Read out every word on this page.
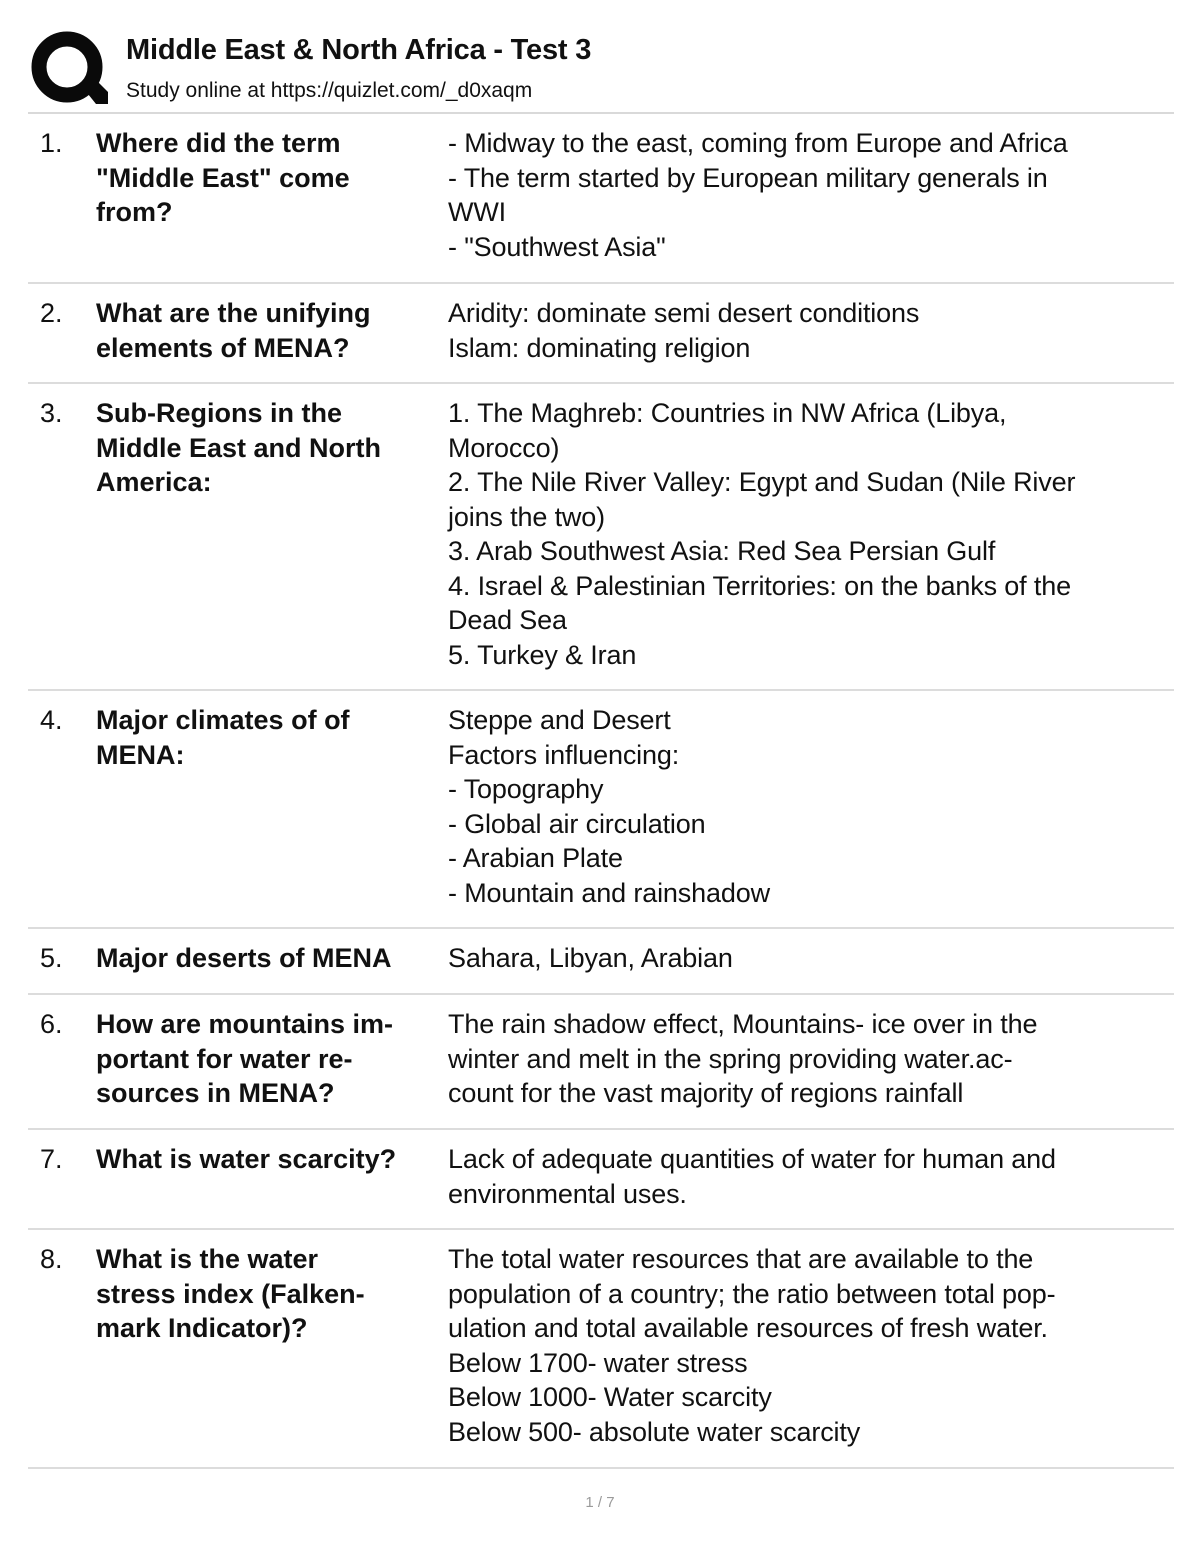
Middle East & North Africa - Test 3
Study online at https://quizlet.com/_d0xaqm
1. Where did the term
"Middle East" come
from?
- Midway to the east, coming from Europe and Africa
- The term started by European military generals in
WWI
- "Southwest Asia"
2. What are the unifying
elements of MENA?
Aridity: dominate semi desert conditions
Islam: dominating religion
3. Sub-Regions in the
Middle East and North
America:
1. The Maghreb: Countries in NW Africa (Libya,
Morocco)
2. The Nile River Valley: Egypt and Sudan (Nile River
joins the two)
3. Arab Southwest Asia: Red Sea Persian Gulf
4. Israel & Palestinian Territories: on the banks of the
Dead Sea
5. Turkey & Iran
4. Major climates of of
MENA:
Steppe and Desert
Factors influencing:
- Topography
- Global air circulation
- Arabian Plate
- Mountain and rainshadow
5. Major deserts of MENA	Sahara, Libyan, Arabian
6. How are mountains im-
portant for water re-
sources in MENA?
The rain shadow effect, Mountains- ice over in the
winter and melt in the spring providing water.ac-
count for the vast majority of regions rainfall
7. What is water scarcity?	Lack of adequate quantities of water for human and
environmental uses.
8. What is the water
stress index (Falken-
mark Indicator)?
The total water resources that are available to the
population of a country; the ratio between total pop-
ulation and total available resources of fresh water.
Below 1700- water stress
Below 1000- Water scarcity
Below 500- absolute water scarcity
1 / 7
